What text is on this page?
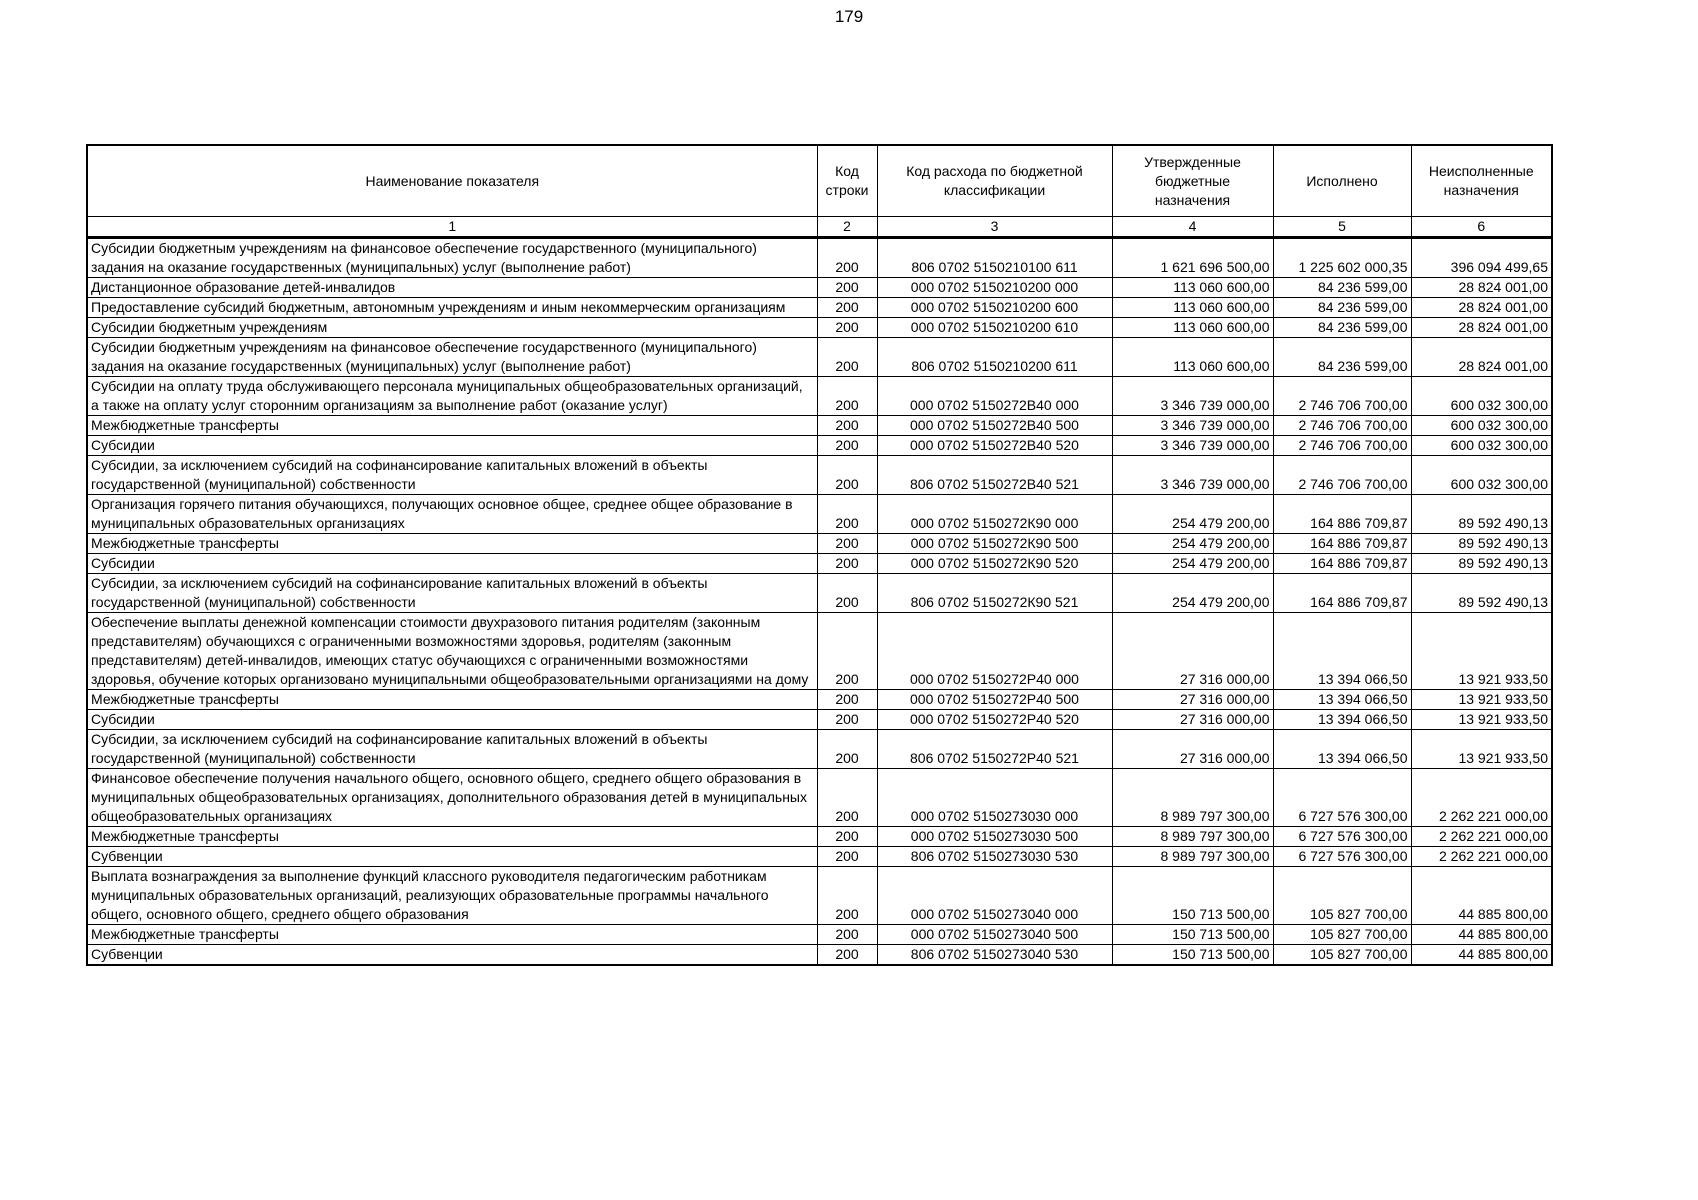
179
Наименование показателя	Код строки	Код расхода по бюджетной классификации	Утвержденные бюджетные назначения	Исполнено	Неисполненные назначения
1	2	3	4	5	6
Субсидии бюджетным учреждениям на финансовое обеспечение государственного (муниципального) задания на оказание государственных (муниципальных) услуг (выполнение работ)	200	806 0702 5150210100 611	1 621 696 500,00	1 225 602 000,35	396 094 499,65
Дистанционное образование детей-инвалидов	200	000 0702 5150210200 000	113 060 600,00	84 236 599,00	28 824 001,00
Предоставление субсидий бюджетным, автономным учреждениям и иным некоммерческим организациям	200	000 0702 5150210200 600	113 060 600,00	84 236 599,00	28 824 001,00
Субсидии бюджетным учреждениям	200	000 0702 5150210200 610	113 060 600,00	84 236 599,00	28 824 001,00
Субсидии бюджетным учреждениям на финансовое обеспечение государственного (муниципального) задания на оказание государственных (муниципальных) услуг (выполнение работ)	200	806 0702 5150210200 611	113 060 600,00	84 236 599,00	28 824 001,00
Субсидии на оплату труда обслуживающего персонала муниципальных общеобразовательных организаций, а также на оплату услуг сторонним организациям за выполнение работ (оказание услуг)	200	000 0702 5150272В40 000	3 346 739 000,00	2 746 706 700,00	600 032 300,00
Межбюджетные трансферты	200	000 0702 5150272В40 500	3 346 739 000,00	2 746 706 700,00	600 032 300,00
Субсидии	200	000 0702 5150272В40 520	3 346 739 000,00	2 746 706 700,00	600 032 300,00
Субсидии, за исключением субсидий на софинансирование капитальных вложений в объекты государственной (муниципальной) собственности	200	806 0702 5150272В40 521	3 346 739 000,00	2 746 706 700,00	600 032 300,00
Организация горячего питания обучающихся, получающих основное общее, среднее общее образование в муниципальных образовательных организациях	200	000 0702 5150272К90 000	254 479 200,00	164 886 709,87	89 592 490,13
Межбюджетные трансферты	200	000 0702 5150272К90 500	254 479 200,00	164 886 709,87	89 592 490,13
Субсидии	200	000 0702 5150272К90 520	254 479 200,00	164 886 709,87	89 592 490,13
Субсидии, за исключением субсидий на софинансирование капитальных вложений в объекты государственной (муниципальной) собственности	200	806 0702 5150272К90 521	254 479 200,00	164 886 709,87	89 592 490,13
Обеспечение выплаты денежной компенсации стоимости двухразового питания родителям (законным представителям) обучающихся с ограниченными возможностями здоровья, родителям (законным представителям) детей-инвалидов, имеющих статус обучающихся с ограниченными возможностями здоровья, обучение которых организовано муниципальными общеобразовательными организациями на дому	200	000 0702 5150272Р40 000	27 316 000,00	13 394 066,50	13 921 933,50
Межбюджетные трансферты	200	000 0702 5150272Р40 500	27 316 000,00	13 394 066,50	13 921 933,50
Субсидии	200	000 0702 5150272Р40 520	27 316 000,00	13 394 066,50	13 921 933,50
Субсидии, за исключением субсидий на софинансирование капитальных вложений в объекты государственной (муниципальной) собственности	200	806 0702 5150272Р40 521	27 316 000,00	13 394 066,50	13 921 933,50
Финансовое обеспечение получения начального общего, основного общего, среднего общего образования в муниципальных общеобразовательных организациях, дополнительного образования детей в муниципальных общеобразовательных организациях	200	000 0702 5150273030 000	8 989 797 300,00	6 727 576 300,00	2 262 221 000,00
Межбюджетные трансферты	200	000 0702 5150273030 500	8 989 797 300,00	6 727 576 300,00	2 262 221 000,00
Субвенции	200	806 0702 5150273030 530	8 989 797 300,00	6 727 576 300,00	2 262 221 000,00
Выплата вознаграждения за выполнение функций классного руководителя педагогическим работникам муниципальных образовательных организаций, реализующих образовательные программы начального общего, основного общего, среднего общего образования	200	000 0702 5150273040 000	150 713 500,00	105 827 700,00	44 885 800,00
Межбюджетные трансферты	200	000 0702 5150273040 500	150 713 500,00	105 827 700,00	44 885 800,00
Субвенции	200	806 0702 5150273040 530	150 713 500,00	105 827 700,00	44 885 800,00
